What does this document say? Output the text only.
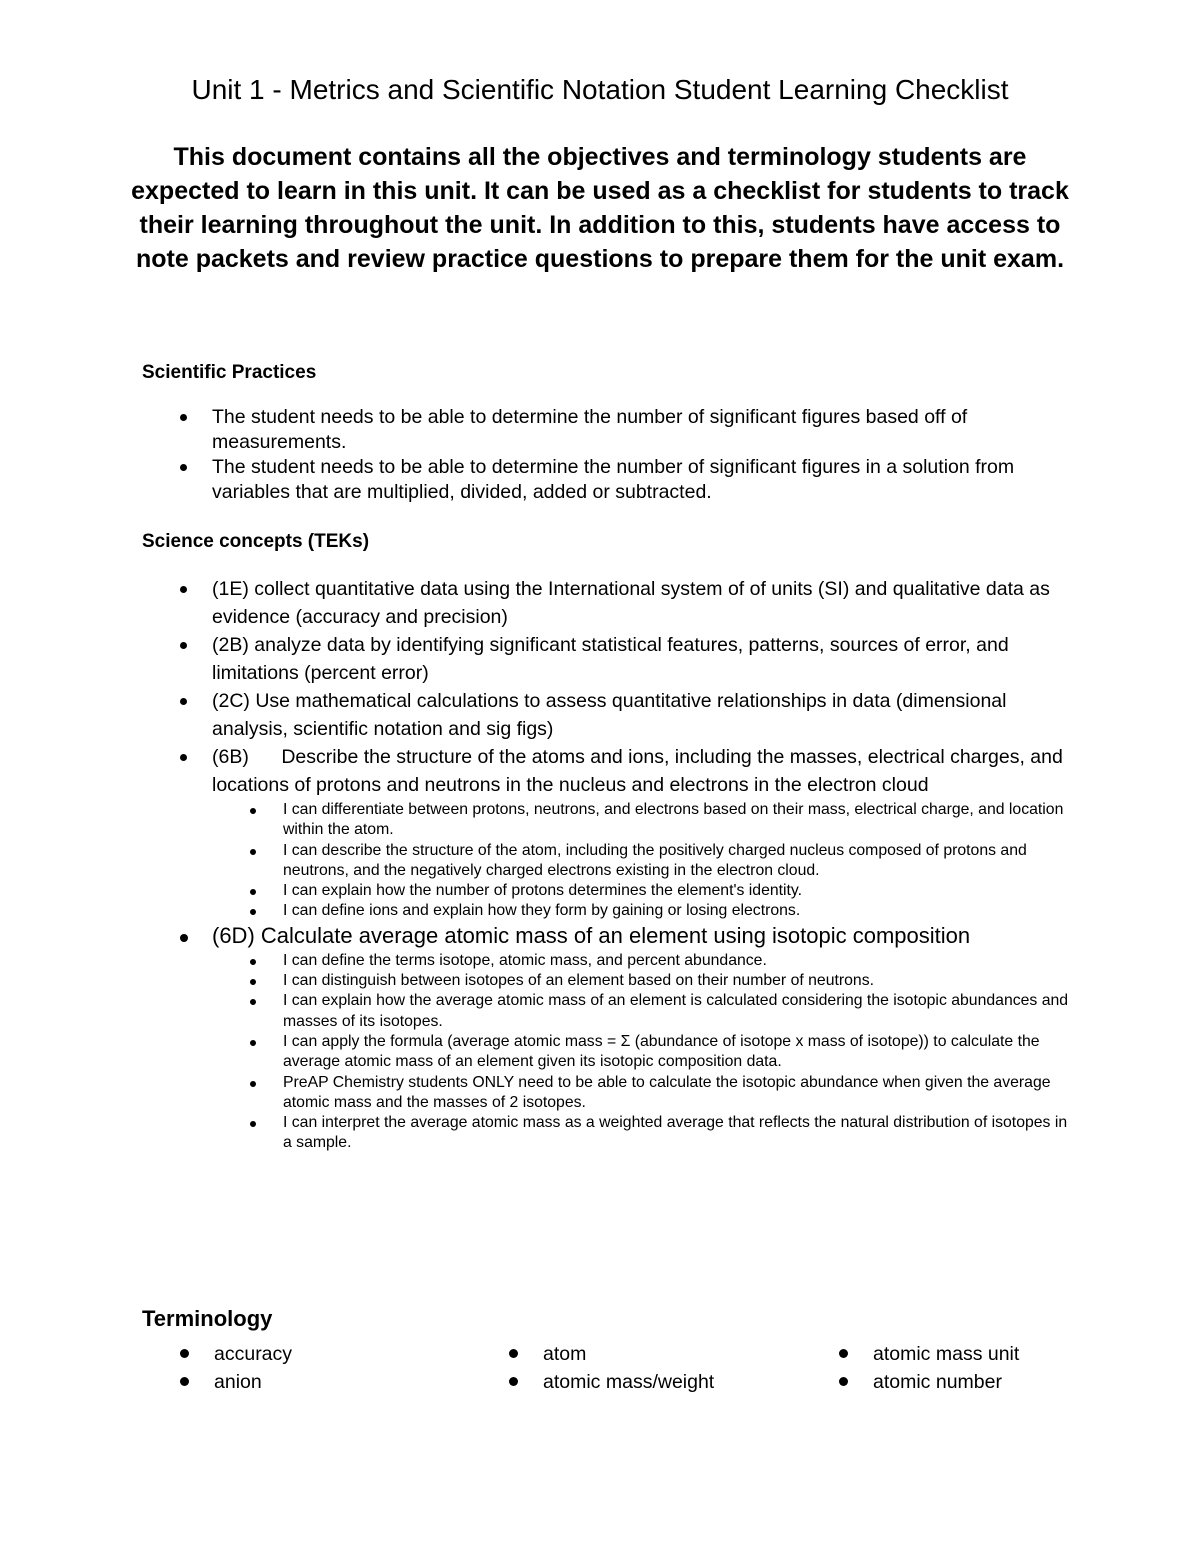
Unit 1 - Metrics and Scientific Notation Student Learning Checklist

This document contains all the objectives and terminology students are expected to learn in this unit. It can be used as a checklist for students to track their learning throughout the unit. In addition to this, students have access to note packets and review practice questions to prepare them for the unit exam.

Scientific Practices
The student needs to be able to determine the number of significant figures based off of measurements.
The student needs to be able to determine the number of significant figures in a solution from variables that are multiplied, divided, added or subtracted.
Science concepts (TEKs)
(1E) collect quantitative data using the International system of of units (SI) and qualitative data as evidence (accuracy and precision)
(2B) analyze data by identifying significant statistical features, patterns, sources of error, and limitations (percent error)
(2C) Use mathematical calculations to assess quantitative relationships in data (dimensional analysis, scientific notation and sig figs)
(6B)      Describe the structure of the atoms and ions, including the masses, electrical charges, and locations of protons and neutrons in the nucleus and electrons in the electron cloud
I can differentiate between protons, neutrons, and electrons based on their mass, electrical charge, and location within the atom.
I can describe the structure of the atom, including the positively charged nucleus composed of protons and neutrons, and the negatively charged electrons existing in the electron cloud.
I can explain how the number of protons determines the element's identity.
I can define ions and explain how they form by gaining or losing electrons.
(6D) Calculate average atomic mass of an element using isotopic composition
I can define the terms isotope, atomic mass, and percent abundance.
I can distinguish between isotopes of an element based on their number of neutrons.
I can explain how the average atomic mass of an element is calculated considering the isotopic abundances and masses of its isotopes.
I can apply the formula (average atomic mass = Σ (abundance of isotope x mass of isotope)) to calculate the average atomic mass of an element given its isotopic composition data.
PreAP Chemistry students ONLY need to be able to calculate the isotopic abundance when given the average atomic mass and the masses of 2 isotopes.
I can interpret the average atomic mass as a weighted average that reflects the natural distribution of isotopes in a sample.
Terminology
accuracy
anion
atom
atomic mass/weight
atomic mass unit
atomic number
